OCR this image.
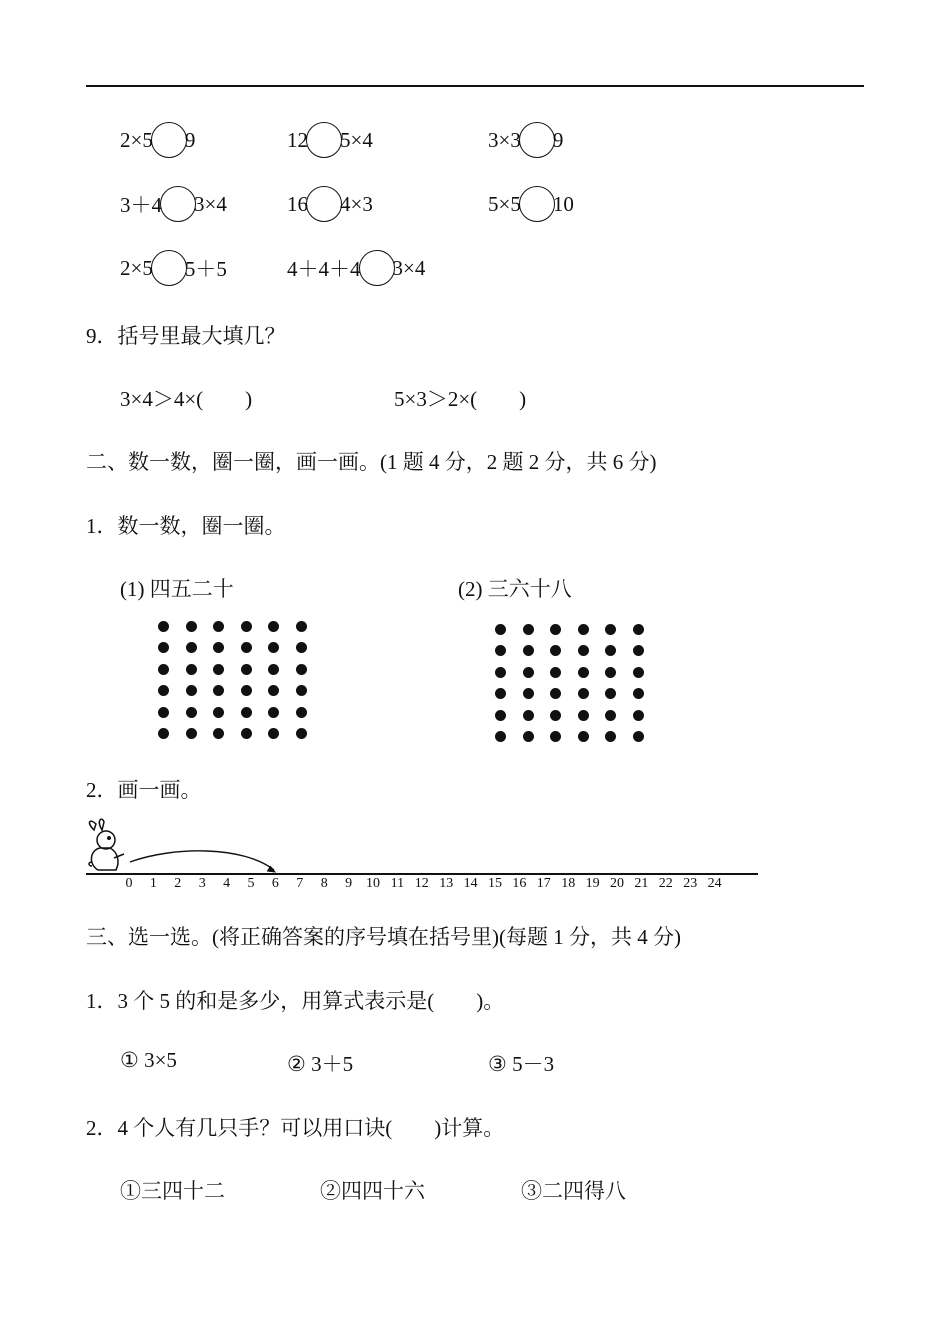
2×5 9	12 5×4	3×3 9
3＋4 3×4	16 4×3	5×5 10
2×5 5＋5	4＋4＋4 3×4
9．括号里最大填几？
3×4＞4×(　　)	5×3＞2×(　　)
二、数一数，圈一圈，画一画。(1 题 4 分，2 题 2 分，共 6 分)
1．数一数，圈一圈。
(1) 四五二十	(2) 三六十八
2．画一画。
0 1 2 3 4 5 6 7 8 9 10 11 12 13 14 15 16 17 18 19 20 21 22 23 24
三、选一选。(将正确答案的序号填在括号里)(每题 1 分，共 4 分)
1．3 个 5 的和是多少，用算式表示是(　　)。
① 3×5	② 3＋5	③ 5－3
2．4 个人有几只手？可以用口诀(　　)计算。
①三四十二	②四四十六	③二四得八
